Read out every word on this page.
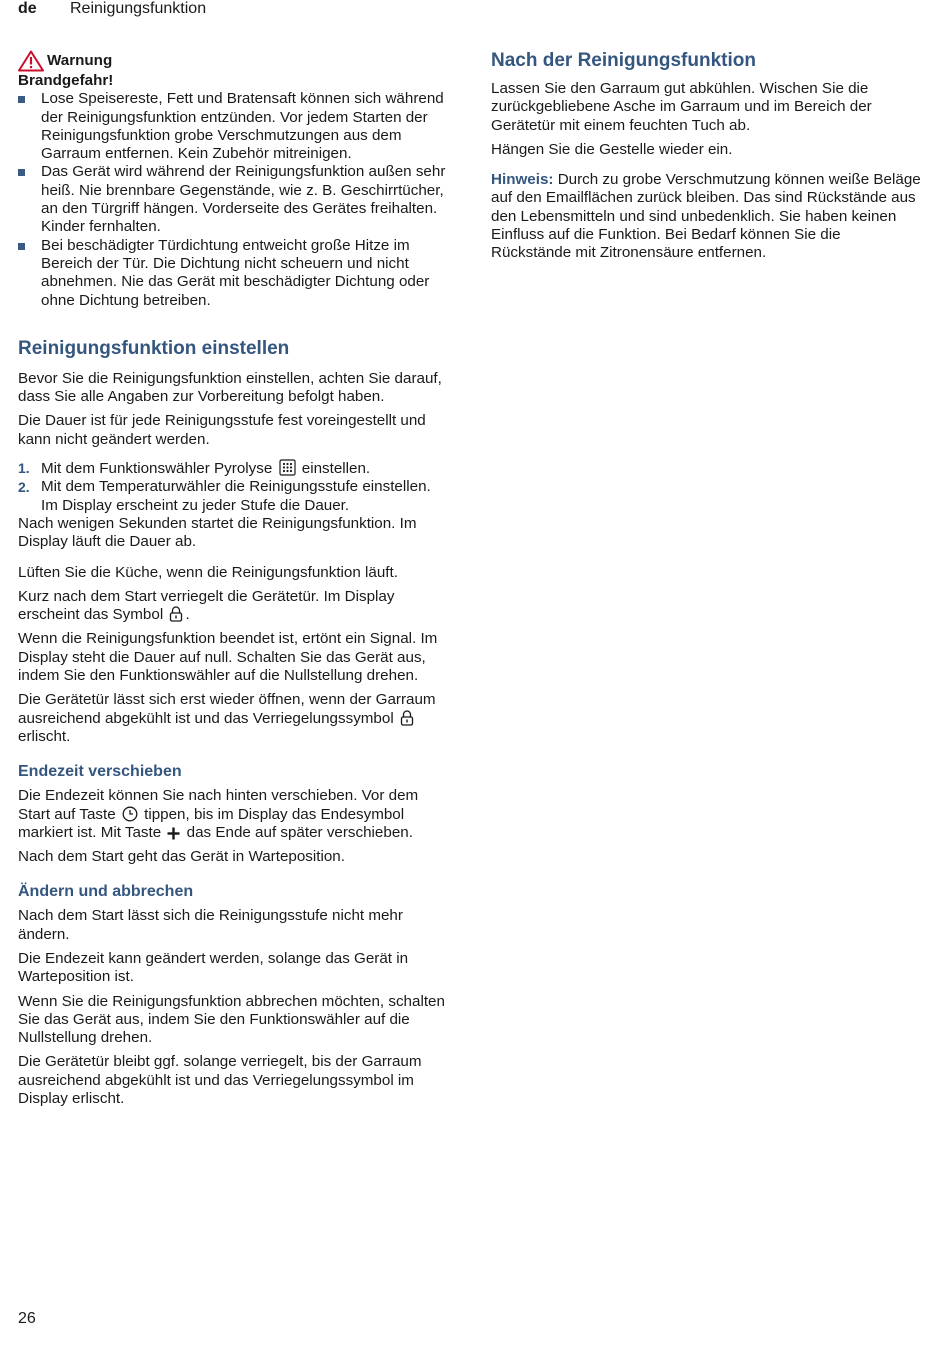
de Reinigungsfunktion
Warnung

Brandgefahr!

Lose Speisereste, Fett und Bratensaft können sich während der Reinigungsfunktion entzünden. Vor jedem Starten der Reinigungsfunktion grobe Verschmutzungen aus dem Garraum entfernen. Kein Zubehör mitreinigen.
Das Gerät wird während der Reinigungsfunktion außen sehr heiß. Nie brennbare Gegenstände, wie z. B. Geschirrtücher, an den Türgriff hängen. Vorderseite des Gerätes freihalten. Kinder fernhalten.
Bei beschädigter Türdichtung entweicht große Hitze im Bereich der Tür. Die Dichtung nicht scheuern und nicht abnehmen. Nie das Gerät mit beschädigter Dichtung oder ohne Dichtung betreiben.
Reinigungsfunktion einstellen

Bevor Sie die Reinigungsfunktion einstellen, achten Sie darauf, dass Sie alle Angaben zur Vorbereitung befolgt haben.

Die Dauer ist für jede Reinigungsstufe fest voreingestellt und kann nicht geändert werden.

1. Mit dem Funktionswähler Pyrolyse einstellen.
2. Mit dem Temperaturwähler die Reinigungsstufe einstellen.
Im Display erscheint zu jeder Stufe die Dauer.

Nach wenigen Sekunden startet die Reinigungsfunktion. Im Display läuft die Dauer ab.

Lüften Sie die Küche, wenn die Reinigungsfunktion läuft.

Kurz nach dem Start verriegelt die Gerätetür. Im Display erscheint das Symbol .

Wenn die Reinigungsfunktion beendet ist, ertönt ein Signal. Im Display steht die Dauer auf null. Schalten Sie das Gerät aus, indem Sie den Funktionswähler auf die Nullstellung drehen.

Die Gerätetür lässt sich erst wieder öffnen, wenn der Garraum ausreichend abgekühlt ist und das Verriegelungssymbol  erlischt.

Endezeit verschieben

Die Endezeit können Sie nach hinten verschieben. Vor dem Start auf Taste tippen, bis im Display das Endesymbol markiert ist. Mit Taste das Ende auf später verschieben.

Nach dem Start geht das Gerät in Warteposition.

Ändern und abbrechen

Nach dem Start lässt sich die Reinigungsstufe nicht mehr ändern.

Die Endezeit kann geändert werden, solange das Gerät in Warteposition ist.

Wenn Sie die Reinigungsfunktion abbrechen möchten, schalten Sie das Gerät aus, indem Sie den Funktionswähler auf die Nullstellung drehen.

Die Gerätetür bleibt ggf. solange verriegelt, bis der Garraum ausreichend abgekühlt ist und das Verriegelungssymbol im Display erlischt.

Nach der Reinigungsfunktion

Lassen Sie den Garraum gut abkühlen. Wischen Sie die zurückgebliebene Asche im Garraum und im Bereich der Gerätetür mit einem feuchten Tuch ab.

Hängen Sie die Gestelle wieder ein.

Hinweis: Durch zu grobe Verschmutzung können weiße Beläge auf den Emailflächen zurück bleiben. Das sind Rückstände aus den Lebensmitteln und sind unbedenklich. Sie haben keinen Einfluss auf die Funktion. Bei Bedarf können Sie die Rückstände mit Zitronensäure entfernen.

26
